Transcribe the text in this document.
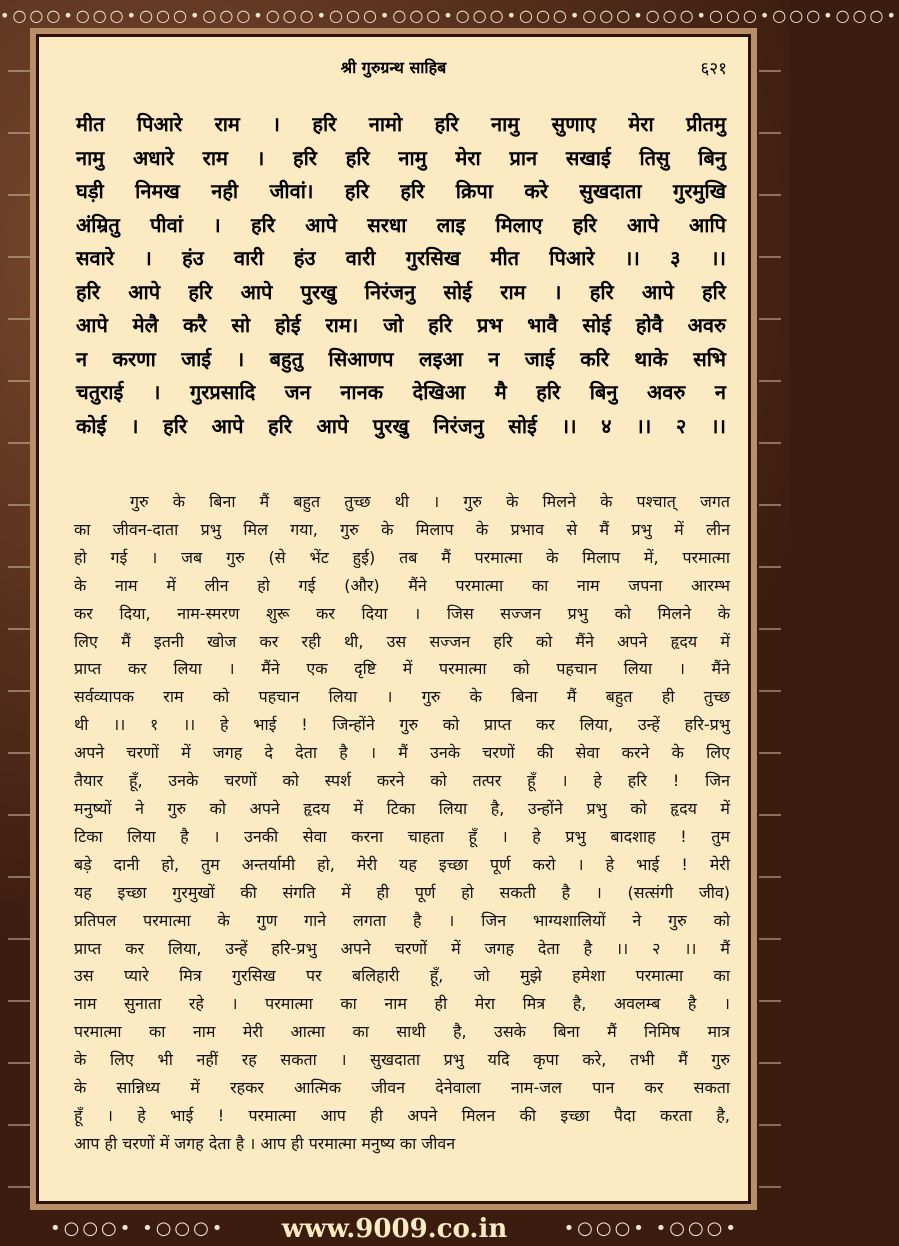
•○○○•○○○•○○○•○○○•○○○•○○○•○○○•○○○•○○○•○○○•○○○•○○○•○○○•○○○•
श्री गुरुग्रन्थ साहिब	६२१
मीत पिआरे राम । हरि नामो हरि नामु सुणाए मेरा प्रीतमु
नामु अधारे राम । हरि हरि नामु मेरा प्रान सखाई तिसु बिनु
घड़ी निमख नही जीवां। हरि हरि क्रिपा करे सुखदाता गुरमुखि
अंम्रितु पीवां । हरि आपे सरधा लाइ मिलाए हरि आपे आपि
सवारे । हंउ वारी हंउ वारी गुरसिख मीत पिआरे ।। ३ ।।
हरि आपे हरि आपे पुरखु निरंजनु सोई राम । हरि आपे हरि
आपे मेलै करै सो होई राम। जो हरि प्रभ भावै सोई होवै अवरु
न करणा जाई । बहुतु सिआणप लइआ न जाई करि थाके सभि
चतुराई । गुरप्रसादि जन नानक देखिआ मै हरि बिनु अवरु न
कोई । हरि आपे हरि आपे पुरखु निरंजनु सोई ।। ४ ।। २ ।।
गुरु के बिना मैं बहुत तुच्छ थी । गुरु के मिलने के पश्चात् जगत
का जीवन-दाता प्रभु मिल गया, गुरु के मिलाप के प्रभाव से मैं प्रभु में लीन
हो गई । जब गुरु (से भेंट हुई) तब मैं परमात्मा के मिलाप में, परमात्मा
के नाम में लीन हो गई (और) मैंने परमात्मा का नाम जपना आरम्भ
कर दिया, नाम-स्मरण शुरू कर दिया । जिस सज्जन प्रभु को मिलने के
लिए मैं इतनी खोज कर रही थी, उस सज्जन हरि को मैंने अपने हृदय में
प्राप्त कर लिया । मैंने एक दृष्टि में परमात्मा को पहचान लिया । मैंने
सर्वव्यापक राम को पहचान लिया । गुरु के बिना मैं बहुत ही तुच्छ
थी ।। १ ।। हे भाई ! जिन्होंने गुरु को प्राप्त कर लिया, उन्हें हरि-प्रभु
अपने चरणों में जगह दे देता है । मैं उनके चरणों की सेवा करने के लिए
तैयार हूँ, उनके चरणों को स्पर्श करने को तत्पर हूँ । हे हरि ! जिन
मनुष्यों ने गुरु को अपने हृदय में टिका लिया है, उन्होंने प्रभु को हृदय में
टिका लिया है । उनकी सेवा करना चाहता हूँ । हे प्रभु बादशाह ! तुम
बड़े दानी हो, तुम अन्तर्यामी हो, मेरी यह इच्छा पूर्ण करो । हे भाई ! मेरी
यह इच्छा गुरमुखों की संगति में ही पूर्ण हो सकती है । (सत्संगी जीव)
प्रतिपल परमात्मा के गुण गाने लगता है । जिन भाग्यशालियों ने गुरु को
प्राप्त कर लिया, उन्हें हरि-प्रभु अपने चरणों में जगह देता है ।। २ ।। मैं
उस प्यारे मित्र गुरसिख पर बलिहारी हूँ, जो मुझे हमेशा परमात्मा का
नाम सुनाता रहे । परमात्मा का नाम ही मेरा मित्र है, अवलम्ब है ।
परमात्मा का नाम मेरी आत्मा का साथी है, उसके बिना मैं निमिष मात्र
के लिए भी नहीं रह सकता । सुखदाता प्रभु यदि कृपा करे, तभी मैं गुरु
के सान्निध्य में रहकर आत्मिक जीवन देनेवाला नाम-जल पान कर सकता
हूँ । हे भाई ! परमात्मा आप ही अपने मिलन की इच्छा पैदा करता है,
आप ही चरणों में जगह देता है । आप ही परमात्मा मनुष्य का जीवन
•○○○• •○○○•	www.9009.co.in	•○○○• •○○○•
